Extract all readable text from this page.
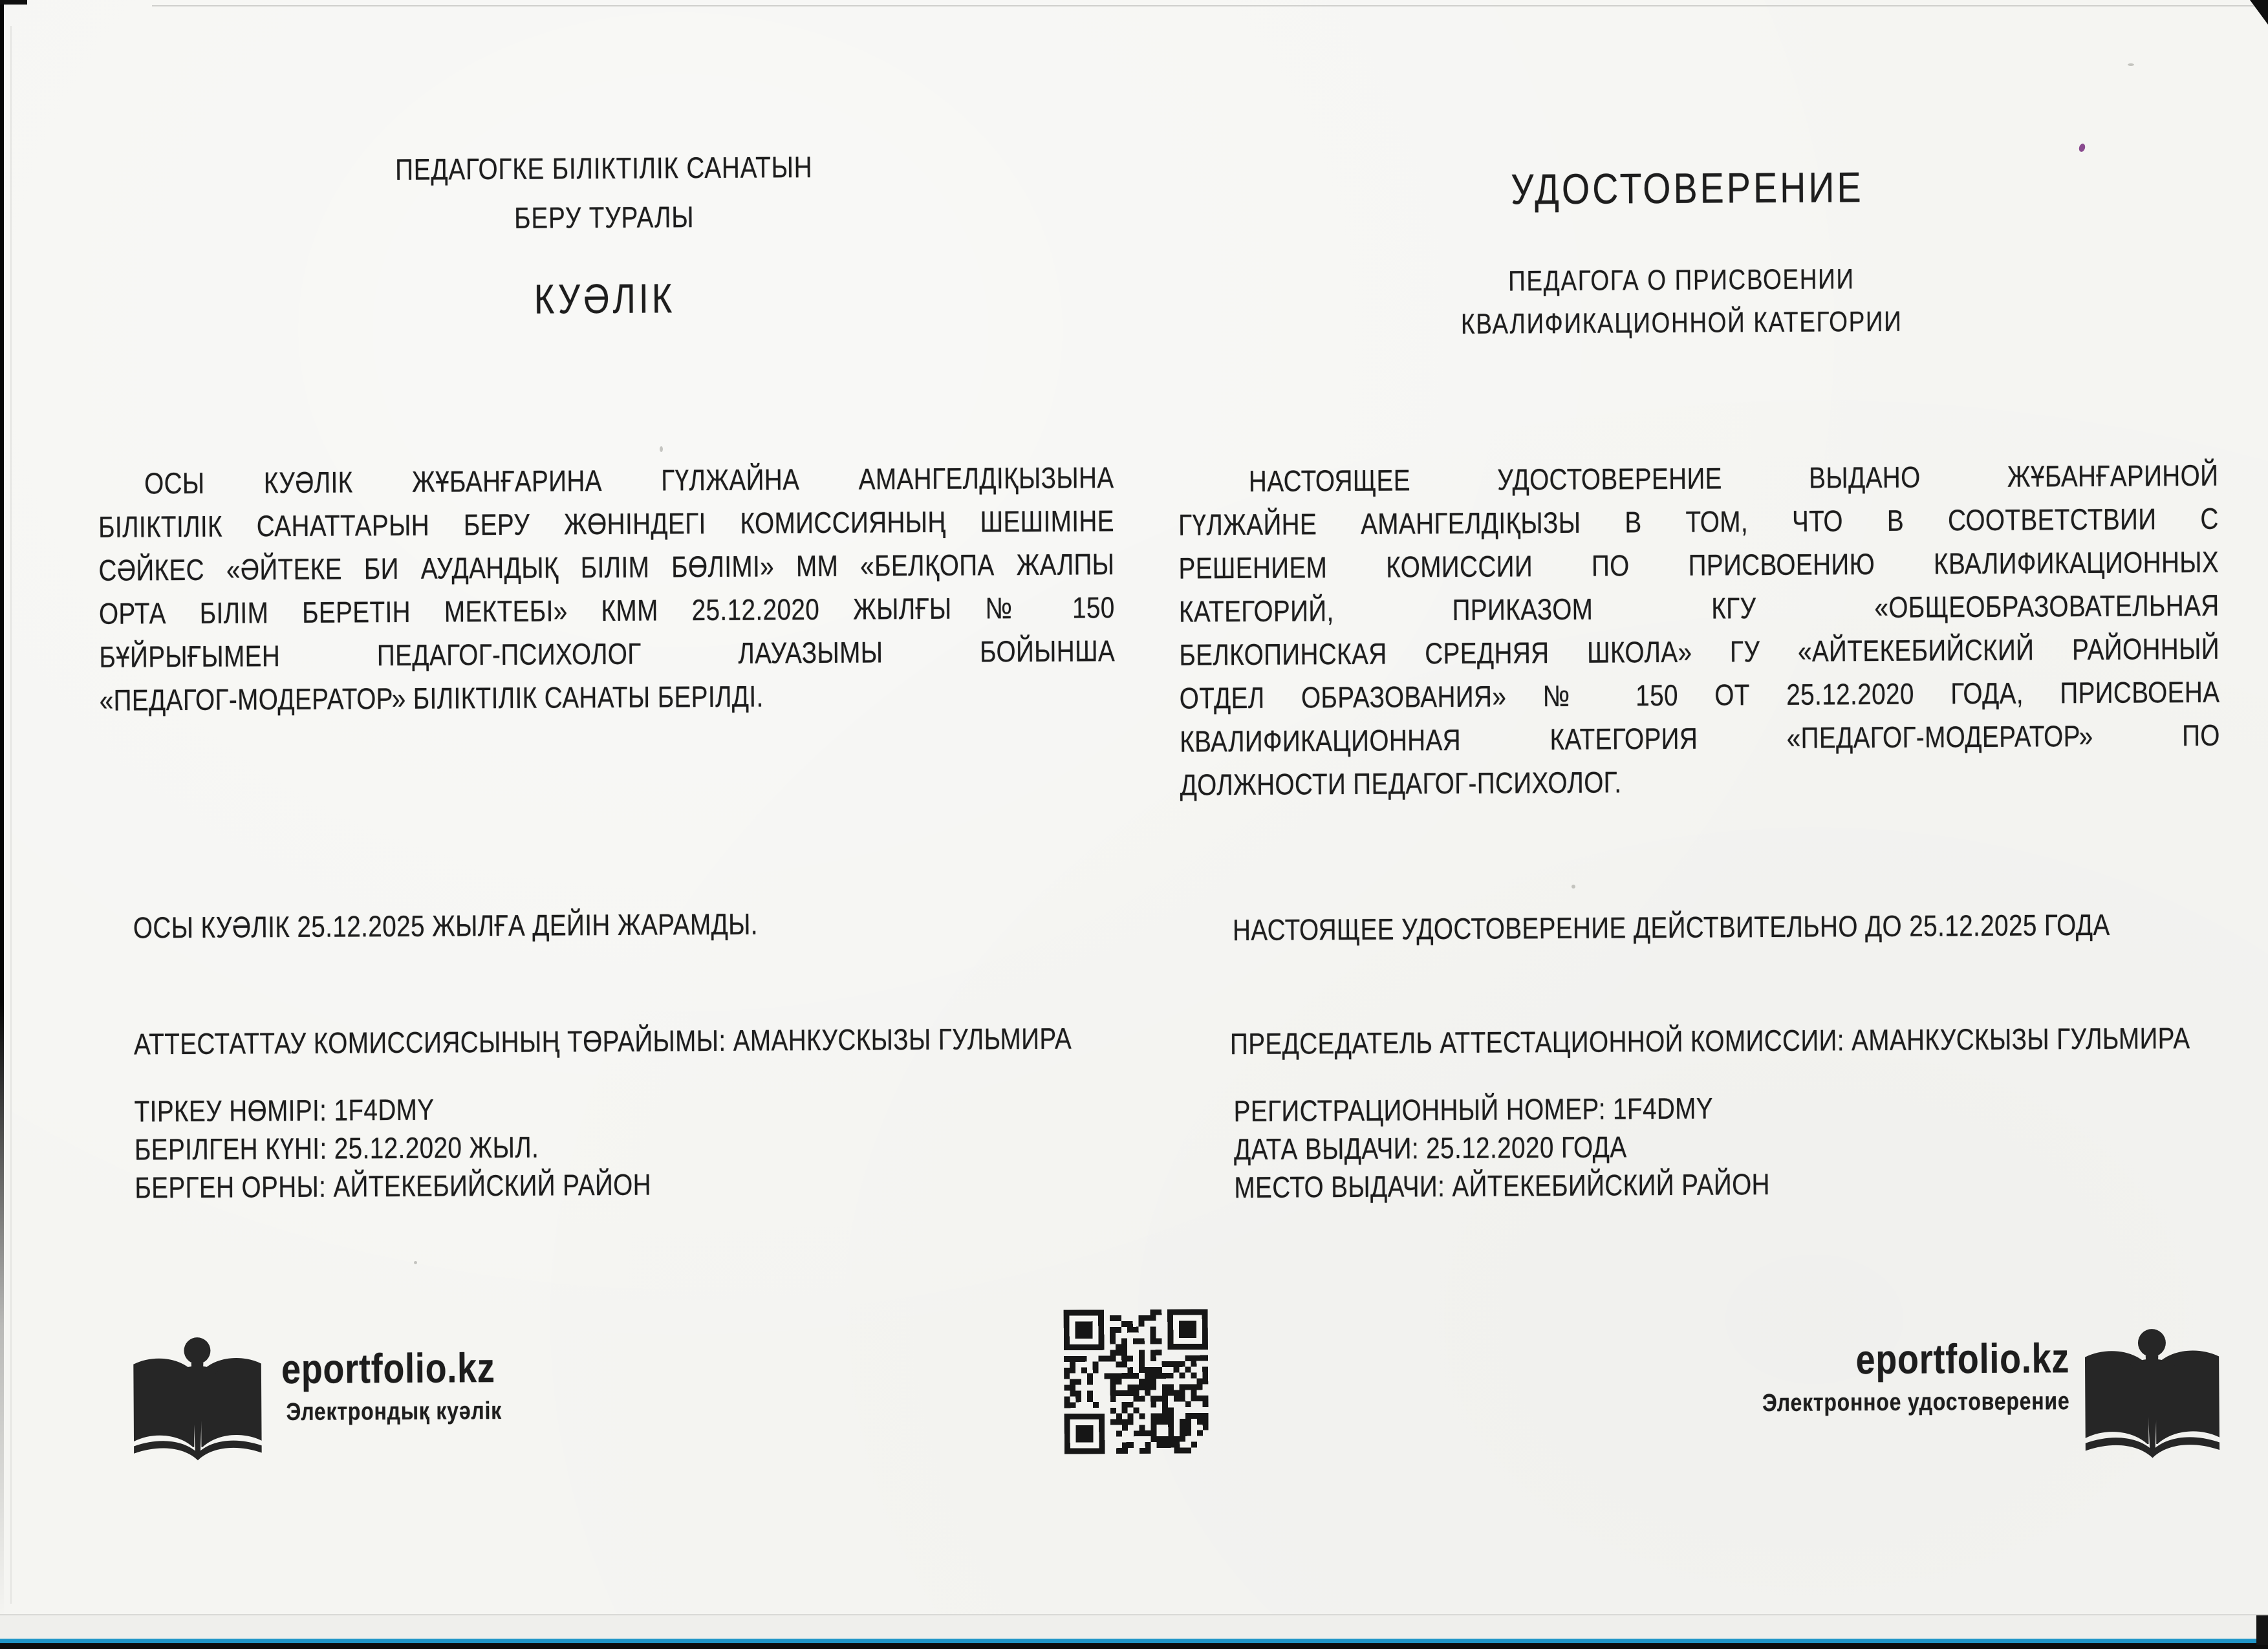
ПЕДАГОГКЕ БІЛІКТІЛІК САНАТЫН
БЕРУ ТУРАЛЫ
КУӘЛІК
ОСЫ КУӘЛІК ЖҰБАНҒАРИНА ГҮЛЖАЙНА АМАНГЕЛДІҚЫЗЫНА
БІЛІКТІЛІК САНАТТАРЫН БЕРУ ЖӨНІНДЕГІ КОМИССИЯНЫҢ ШЕШІМІНЕ
СӘЙКЕС «ӘЙТЕКЕ БИ АУДАНДЫҚ БІЛІМ БӨЛІМІ» ММ «БЕЛҚОПА ЖАЛПЫ
ОРТА БІЛІМ БЕРЕТІН МЕКТЕБІ» КММ 25.12.2020 ЖЫЛҒЫ № 150
БҰЙРЫҒЫМЕН ПЕДАГОГ-ПСИХОЛОГ ЛАУАЗЫМЫ БОЙЫНША
«ПЕДАГОГ-МОДЕРАТОР» БІЛІКТІЛІК САНАТЫ БЕРІЛДІ.
ОСЫ КУӘЛІК 25.12.2025 ЖЫЛҒА ДЕЙІН ЖАРАМДЫ.
АТТЕСТАТТАУ КОМИССИЯСЫНЫҢ ТӨРАЙЫМЫ: АМАНКУСКЫЗЫ ГУЛЬМИРА
ТІРКЕУ НӨМІРІ: 1F4DMY
БЕРІЛГЕН КҮНІ: 25.12.2020 ЖЫЛ.
БЕРГЕН ОРНЫ: АЙТЕКЕБИЙСКИЙ РАЙОН
eportfolio.kz
Электрондық куәлік
УДОСТОВЕРЕНИЕ
ПЕДАГОГА О ПРИСВОЕНИИ
КВАЛИФИКАЦИОННОЙ КАТЕГОРИИ
НАСТОЯЩЕЕ УДОСТОВЕРЕНИЕ ВЫДАНО ЖҰБАНҒАРИНОЙ
ГҮЛЖАЙНЕ АМАНГЕЛДІҚЫЗЫ В ТОМ, ЧТО В СООТВЕТСТВИИ С
РЕШЕНИЕМ КОМИССИИ ПО ПРИСВОЕНИЮ КВАЛИФИКАЦИОННЫХ
КАТЕГОРИЙ, ПРИКАЗОМ КГУ «ОБЩЕОБРАЗОВАТЕЛЬНАЯ
БЕЛКОПИНСКАЯ СРЕДНЯЯ ШКОЛА» ГУ «АЙТЕКЕБИЙСКИЙ РАЙОННЫЙ
ОТДЕЛ ОБРАЗОВАНИЯ» № 150 ОТ 25.12.2020 ГОДА, ПРИСВОЕНА
КВАЛИФИКАЦИОННАЯ КАТЕГОРИЯ «ПЕДАГОГ-МОДЕРАТОР» ПО
ДОЛЖНОСТИ ПЕДАГОГ-ПСИХОЛОГ.
НАСТОЯЩЕЕ УДОСТОВЕРЕНИЕ ДЕЙСТВИТЕЛЬНО ДО 25.12.2025 ГОДА
ПРЕДСЕДАТЕЛЬ АТТЕСТАЦИОННОЙ КОМИССИИ: АМАНКУСКЫЗЫ ГУЛЬМИРА
РЕГИСТРАЦИОННЫЙ НОМЕР: 1F4DMY
ДАТА ВЫДАЧИ: 25.12.2020 ГОДА
МЕСТО ВЫДАЧИ: АЙТЕКЕБИЙСКИЙ РАЙОН
eportfolio.kz
Электронное удостоверение
